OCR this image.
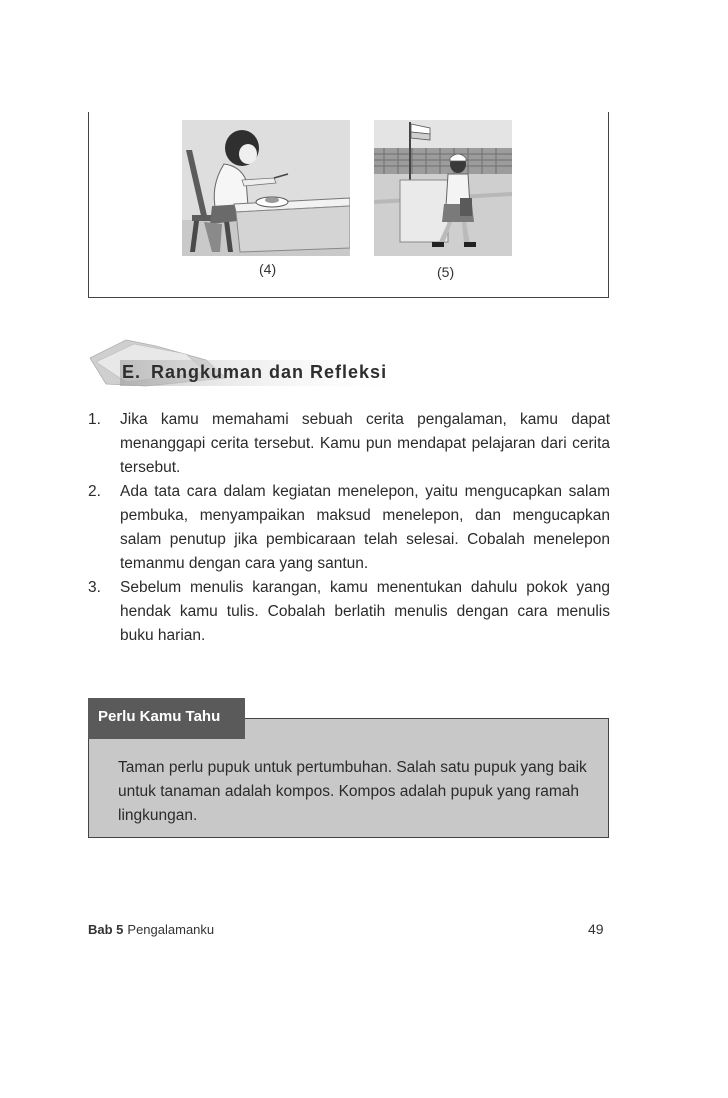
(4)	(5)
E. Rangkuman dan Refleksi
1. Jika kamu memahami sebuah cerita pengalaman, kamu dapat menanggapi cerita tersebut. Kamu pun mendapat pelajaran dari cerita tersebut.
2. Ada tata cara dalam kegiatan menelepon, yaitu mengucapkan salam pembuka, menyampaikan maksud menelepon, dan mengucapkan salam penutup jika pembicaraan telah selesai. Cobalah menelepon temanmu dengan cara yang santun.
3. Sebelum menulis karangan, kamu menentukan dahulu pokok yang hendak kamu tulis. Cobalah berlatih menulis dengan cara menulis buku harian.
Perlu Kamu Tahu
Taman perlu pupuk untuk pertumbuhan. Salah satu pupuk yang baik untuk tanaman adalah kompos. Kompos adalah pupuk yang ramah lingkungan.
Bab 5 Pengalamanku	49
